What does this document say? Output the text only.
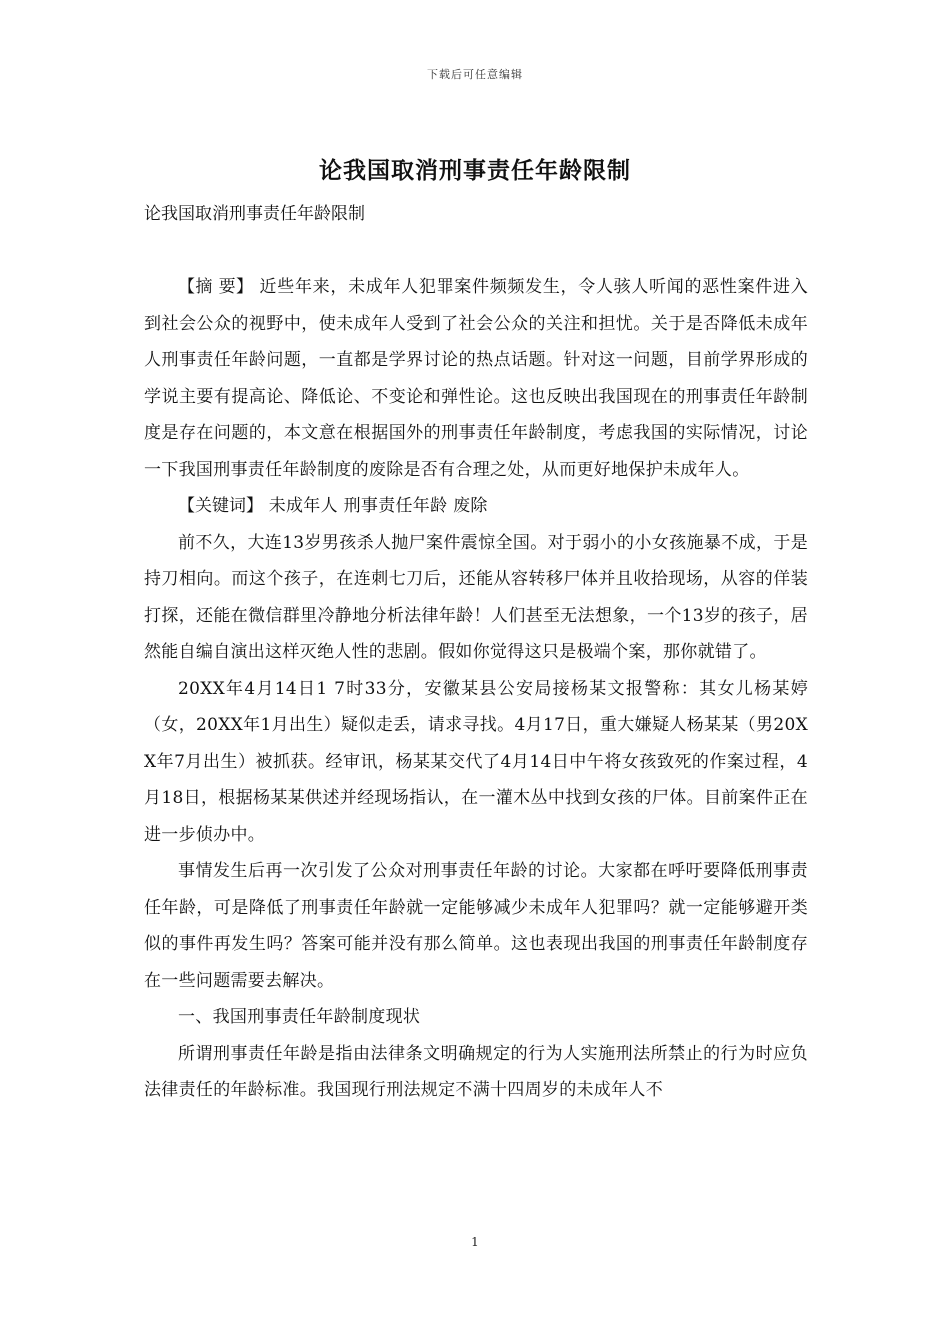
下载后可任意编辑
论我国取消刑事责任年龄限制

论我国取消刑事责任年龄限制

【摘 要】 近些年来，未成年人犯罪案件频频发生，令人骇人听闻的恶性案件进入到社会公众的视野中，使未成年人受到了社会公众的关注和担忧。关于是否降低未成年人刑事责任年龄问题，一直都是学界讨论的热点话题。针对这一问题，目前学界形成的学说主要有提高论、降低论、不变论和弹性论。这也反映出我国现在的刑事责任年龄制度是存在问题的，本文意在根据国外的刑事责任年龄制度，考虑我国的实际情况，讨论一下我国刑事责任年龄制度的废除是否有合理之处，从而更好地保护未成年人。

【关键词】 未成年人 刑事责任年龄 废除

前不久，大连13岁男孩杀人抛尸案件震惊全国。对于弱小的小女孩施暴不成，于是持刀相向。而这个孩子，在连刺七刀后，还能从容转移尸体并且收拾现场，从容的佯装打探，还能在微信群里冷静地分析法律年龄！人们甚至无法想象，一个13岁的孩子，居然能自编自演出这样灭绝人性的悲剧。假如你觉得这只是极端个案，那你就错了。

20XX年4月14日1 7时33分，安徽某县公安局接杨某文报警称：其女儿杨某婷（女，20XX年1月出生）疑似走丢，请求寻找。4月17日，重大嫌疑人杨某某（男20XX年7月出生）被抓获。经审讯，杨某某交代了4月14日中午将女孩致死的作案过程，4月18日，根据杨某某供述并经现场指认，在一灌木丛中找到女孩的尸体。目前案件正在进一步侦办中。

事情发生后再一次引发了公众对刑事责任年龄的讨论。大家都在呼吁要降低刑事责任年龄，可是降低了刑事责任年龄就一定能够减少未成年人犯罪吗？就一定能够避开类似的事件再发生吗？答案可能并没有那么简单。这也表现出我国的刑事责任年龄制度存在一些问题需要去解决。

一、我国刑事责任年龄制度现状

所谓刑事责任年龄是指由法律条文明确规定的行为人实施刑法所禁止的行为时应负法律责任的年龄标准。我国现行刑法规定不满十四周岁的未成年人不

1
